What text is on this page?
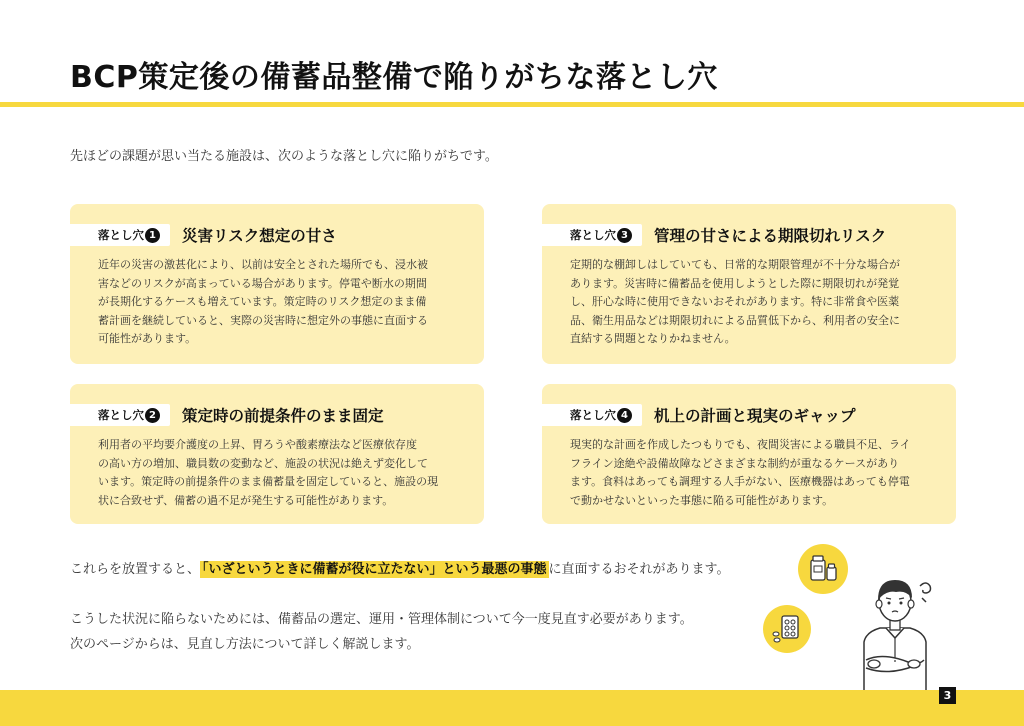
BCP策定後の備蓄品整備で陥りがちな落とし穴
先ほどの課題が思い当たる施設は、次のような落とし穴に陥りがちです。
落とし穴 1 災害リスク想定の甘さ
近年の災害の激甚化により、以前は安全とされた場所でも、浸水被
害などのリスクが高まっている場合があります。停電や断水の期間
が長期化するケースも増えています。策定時のリスク想定のまま備
蓄計画を継続していると、実際の災害時に想定外の事態に直面する
可能性があります。
落とし穴 3 管理の甘さによる期限切れリスク
定期的な棚卸しはしていても、日常的な期限管理が不十分な場合が
あります。災害時に備蓄品を使用しようとした際に期限切れが発覚
し、肝心な時に使用できないおそれがあります。特に非常食や医薬
品、衛生用品などは期限切れによる品質低下から、利用者の安全に
直結する問題となりかねません。
落とし穴 2 策定時の前提条件のまま固定
利用者の平均要介護度の上昇、胃ろうや酸素療法など医療依存度
の高い方の増加、職員数の変動など、施設の状況は絶えず変化して
います。策定時の前提条件のまま備蓄量を固定していると、施設の現
状に合致せず、備蓄の過不足が発生する可能性があります。
落とし穴 4 机上の計画と現実のギャップ
現実的な計画を作成したつもりでも、夜間災害による職員不足、ライ
フライン途絶や設備故障などさまざまな制約が重なるケースがあり
ます。食料はあっても調理する人手がない、医療機器はあっても停電
で動かせないといった事態に陥る可能性があります。
これらを放置すると、 「いざというときに備蓄が役に立たない」という最悪の事態 に直面するおそれがあります。
こうした状況に陥らないためには、備蓄品の選定、運用・管理体制について今一度見直す必要があります。
次のページからは、見直し方法について詳しく解説します。
3
